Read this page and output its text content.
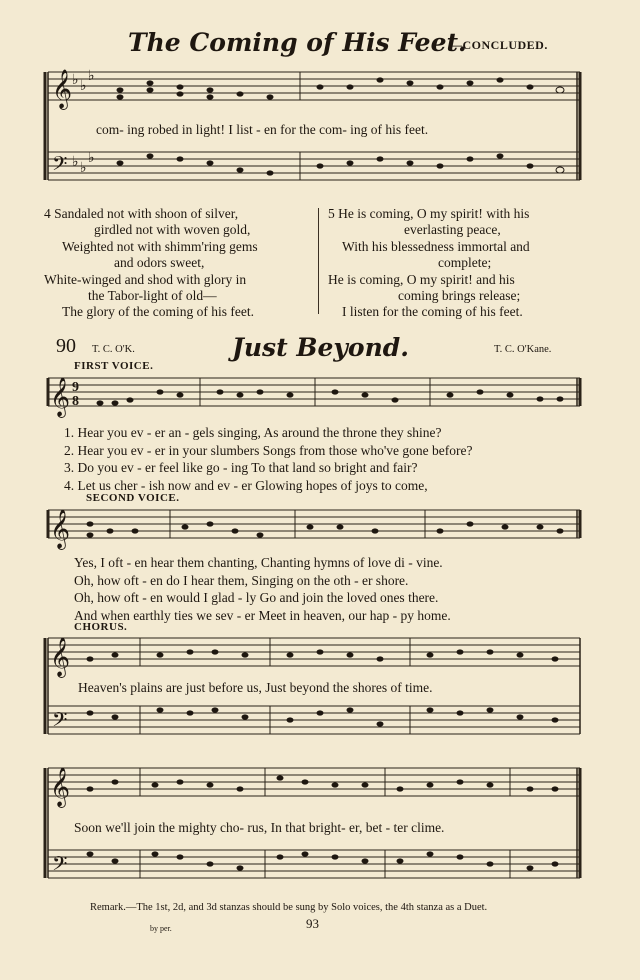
The Coming of His Feet.
—CONCLUDED.
𝄞
𝄢
♭ ♭
♭
♭ ♭
♭
com- ing robed in light! I list - en for the com- ing of his feet.
4 Sandaled not with shoon of silver,
girdled not with woven gold,
Weighted not with shimm'ring gems
and odors sweet,
White-winged and shod with glory in
the Tabor-light of old—
The glory of the coming of his feet.
5 He is coming, O my spirit! with his
everlasting peace,
With his blessedness immortal and
complete;
He is coming, O my spirit! and his
coming brings release;
I listen for the coming of his feet.
90 T. C. O'K.	Just Beyond.	T. C. O'Kane.
FIRST VOICE.
𝄞 9
8
1. Hear you ev - er an - gels singing, As around the throne they shine?
2. Hear you ev - er in your slumbers Songs from those who've gone before?
3. Do you ev - er feel like go - ing To that land so bright and fair?
4. Let us cher - ish now and ev - er Glowing hopes of joys to come,
SECOND VOICE.
𝄞
Yes, I oft - en hear them chanting, Chanting hymns of love di - vine.
Oh, how oft - en do I hear them, Singing on the oth - er shore.
Oh, how oft - en would I glad - ly Go and join the loved ones there.
And when earthly ties we sev - er Meet in heaven, our hap - py home.
CHORUS.
𝄞
𝄢
Heaven's plains are just before us, Just beyond the shores of time.
𝄞
𝄢
Soon we'll join the mighty cho- rus, In that bright- er, bet - ter clime.
Remark.—The 1st, 2d, and 3d stanzas should be sung by Solo voices, the 4th stanza as a Duet.
by per.	93
